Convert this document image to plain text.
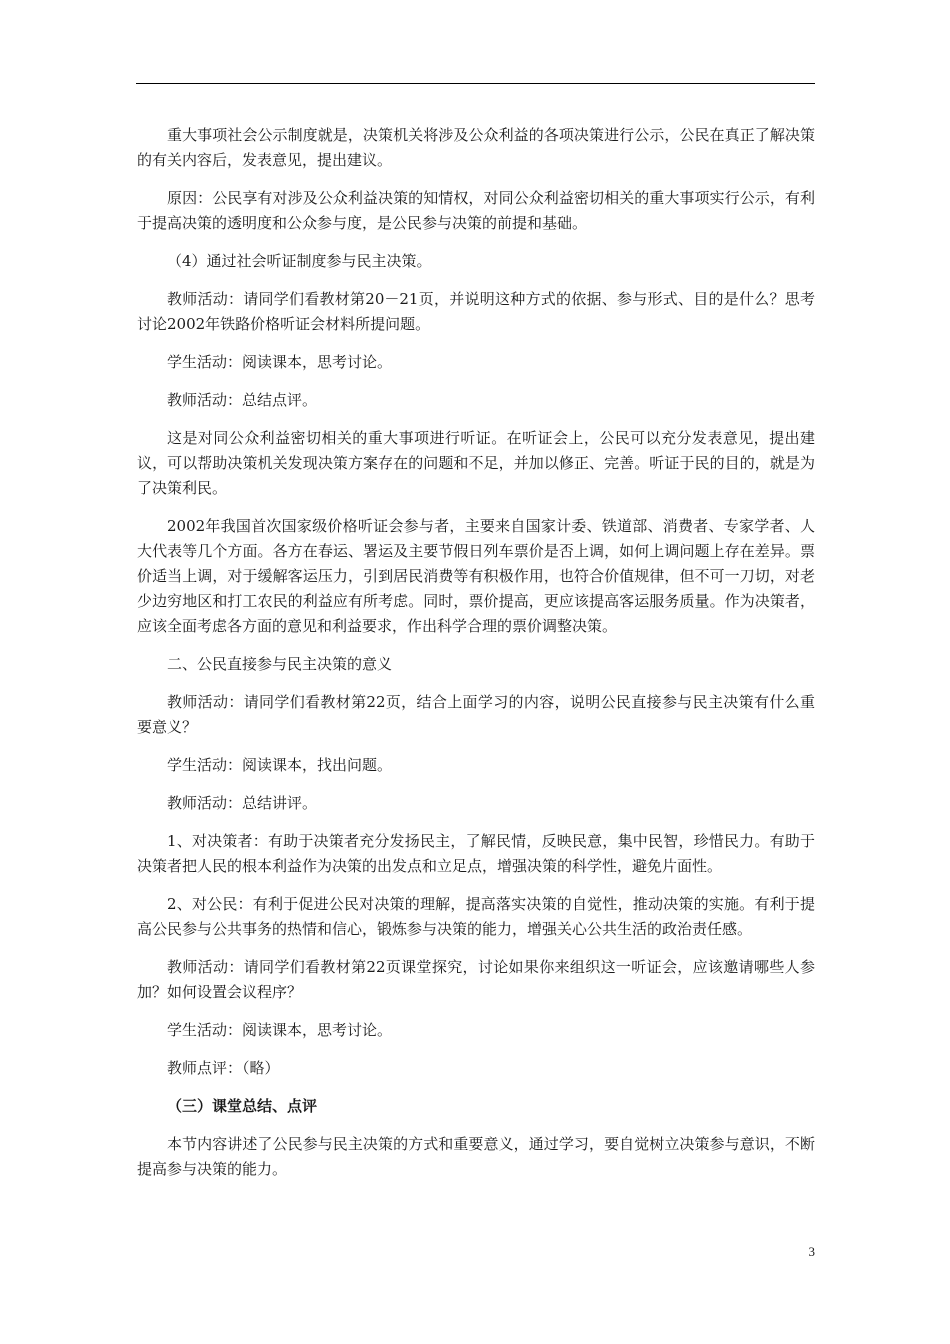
重大事项社会公示制度就是，决策机关将涉及公众利益的各项决策进行公示，公民在真正了解决策的有关内容后，发表意见，提出建议。

原因：公民享有对涉及公众利益决策的知情权，对同公众利益密切相关的重大事项实行公示，有利于提高决策的透明度和公众参与度，是公民参与决策的前提和基础。

（4）通过社会听证制度参与民主决策。

教师活动：请同学们看教材第20－21页，并说明这种方式的依据、参与形式、目的是什么？思考讨论2002年铁路价格听证会材料所提问题。

学生活动：阅读课本，思考讨论。

教师活动：总结点评。

这是对同公众利益密切相关的重大事项进行听证。在听证会上，公民可以充分发表意见，提出建议，可以帮助决策机关发现决策方案存在的问题和不足，并加以修正、完善。听证于民的目的，就是为了决策利民。

2002年我国首次国家级价格听证会参与者，主要来自国家计委、铁道部、消费者、专家学者、人大代表等几个方面。各方在春运、署运及主要节假日列车票价是否上调，如何上调问题上存在差异。票价适当上调，对于缓解客运压力，引到居民消费等有积极作用，也符合价值规律，但不可一刀切，对老少边穷地区和打工农民的利益应有所考虑。同时，票价提高，更应该提高客运服务质量。作为决策者，应该全面考虑各方面的意见和利益要求，作出科学合理的票价调整决策。

二、公民直接参与民主决策的意义

教师活动：请同学们看教材第22页，结合上面学习的内容，说明公民直接参与民主决策有什么重要意义？

学生活动：阅读课本，找出问题。

教师活动：总结讲评。

1、对决策者：有助于决策者充分发扬民主，了解民情，反映民意，集中民智，珍惜民力。有助于决策者把人民的根本利益作为决策的出发点和立足点，增强决策的科学性，避免片面性。

2、对公民：有利于促进公民对决策的理解，提高落实决策的自觉性，推动决策的实施。有利于提高公民参与公共事务的热情和信心，锻炼参与决策的能力，增强关心公共生活的政治责任感。

教师活动：请同学们看教材第22页课堂探究，讨论如果你来组织这一听证会，应该邀请哪些人参加？如何设置会议程序？

学生活动：阅读课本，思考讨论。

教师点评：（略）

（三）课堂总结、点评

本节内容讲述了公民参与民主决策的方式和重要意义，通过学习，要自觉树立决策参与意识，不断提高参与决策的能力。

3
